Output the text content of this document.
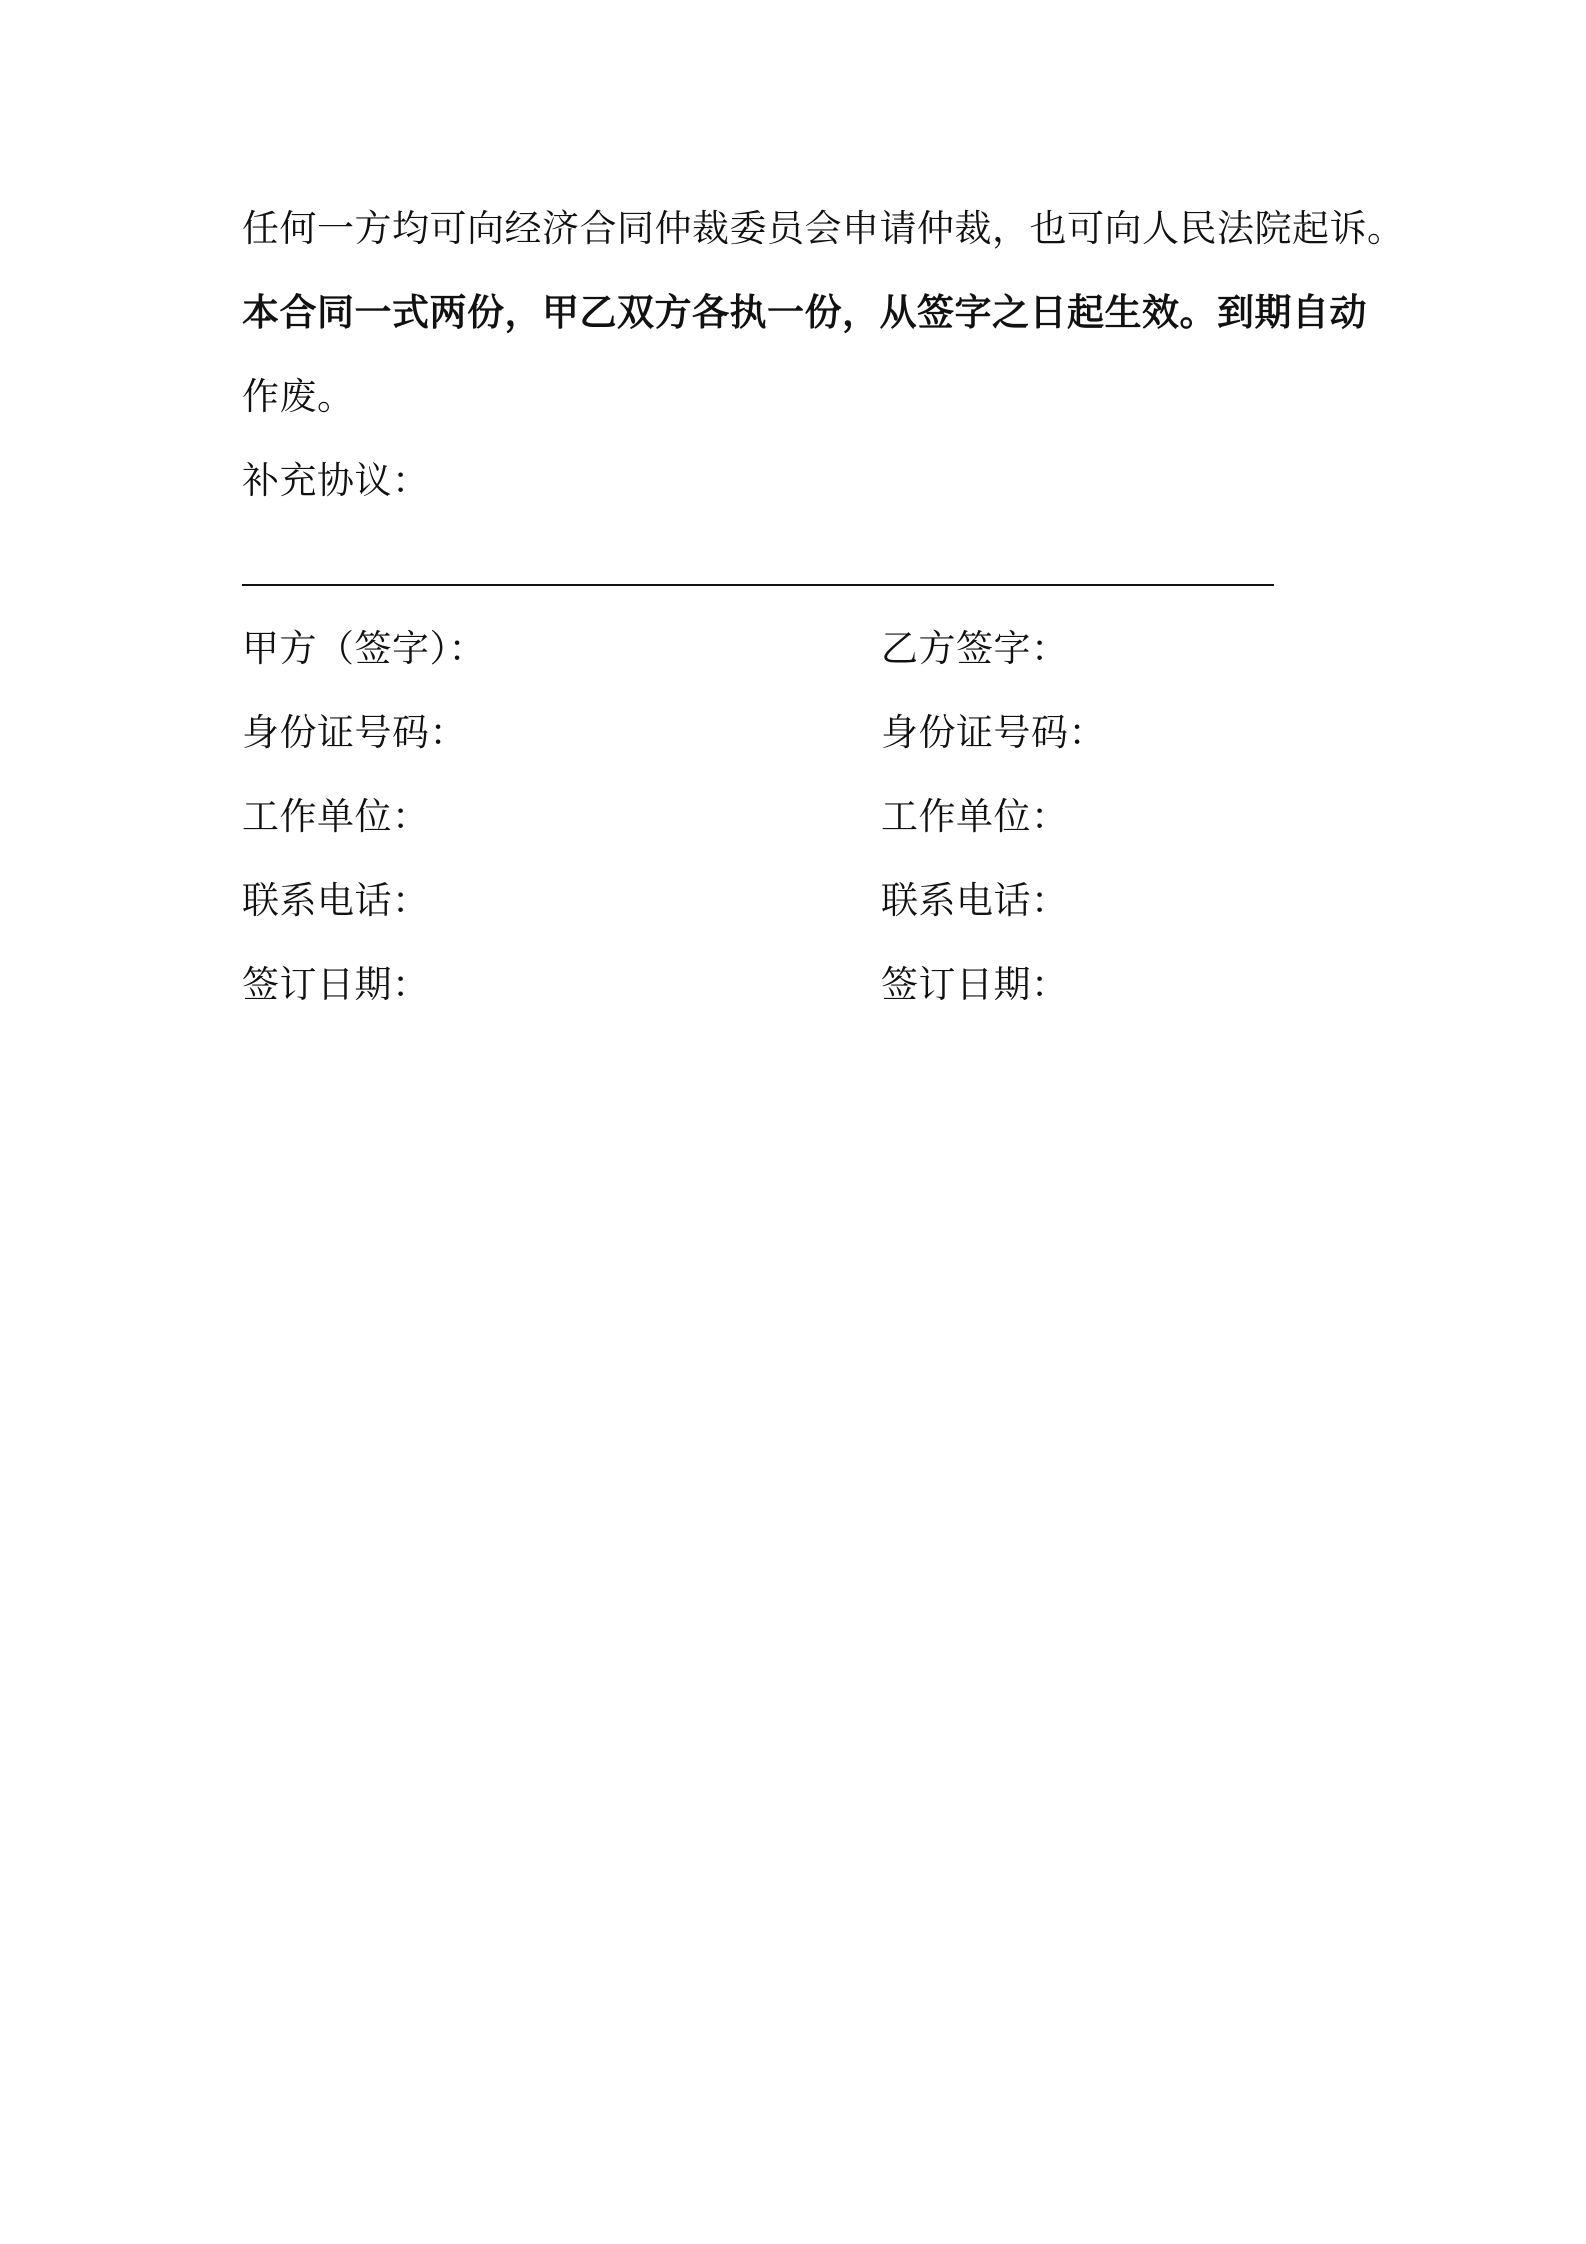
任何一方均可向经济合同仲裁委员会申请仲裁，也可向人民法院起诉。
本合同一式两份，甲乙双方各执一份，从签字之日起生效。到期自动
作废。
补充协议：
甲方（签字）：
身份证号码：
工作单位：
联系电话：
签订日期：
乙方签字：
身份证号码：
工作单位：
联系电话：
签订日期：
